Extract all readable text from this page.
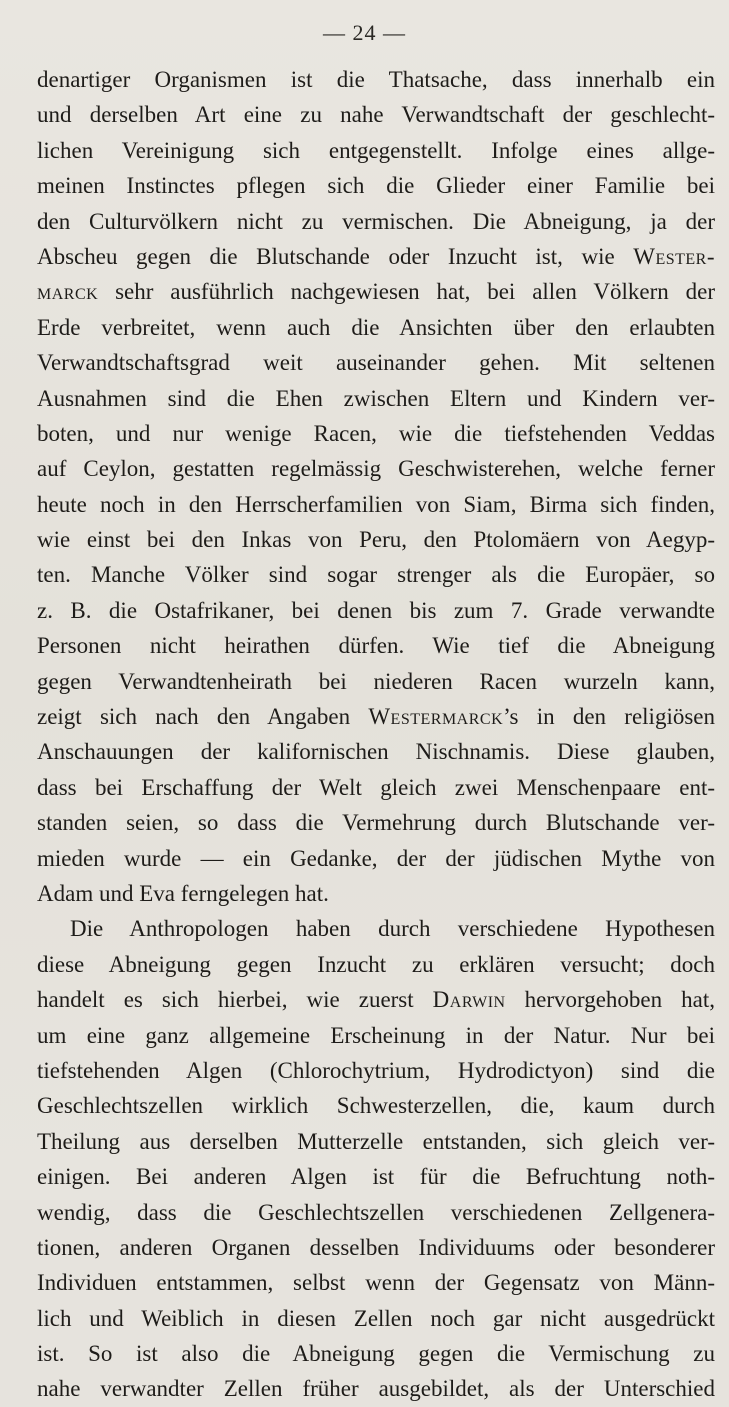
— 24 —
denartiger Organismen ist die Thatsache, dass innerhalb ein
und derselben Art eine zu nahe Verwandtschaft der geschlecht-
lichen Vereinigung sich entgegenstellt. Infolge eines allge-
meinen Instinctes pflegen sich die Glieder einer Familie bei
den Culturvölkern nicht zu vermischen. Die Abneigung, ja der
Abscheu gegen die Blutschande oder Inzucht ist, wie Wester-
marck sehr ausführlich nachgewiesen hat, bei allen Völkern der
Erde verbreitet, wenn auch die Ansichten über den erlaubten
Verwandtschaftsgrad weit auseinander gehen. Mit seltenen
Ausnahmen sind die Ehen zwischen Eltern und Kindern ver-
boten, und nur wenige Racen, wie die tiefstehenden Veddas
auf Ceylon, gestatten regelmässig Geschwisterehen, welche ferner
heute noch in den Herrscherfamilien von Siam, Birma sich finden,
wie einst bei den Inkas von Peru, den Ptolomäern von Aegyp-
ten. Manche Völker sind sogar strenger als die Europäer, so
z. B. die Ostafrikaner, bei denen bis zum 7. Grade verwandte
Personen nicht heirathen dürfen. Wie tief die Abneigung
gegen Verwandtenheirath bei niederen Racen wurzeln kann,
zeigt sich nach den Angaben Westermarck’s in den religiösen
Anschauungen der kalifornischen Nischnamis. Diese glauben,
dass bei Erschaffung der Welt gleich zwei Menschenpaare ent-
standen seien, so dass die Vermehrung durch Blutschande ver-
mieden wurde — ein Gedanke, der der jüdischen Mythe von
Adam und Eva ferngelegen hat.
Die Anthropologen haben durch verschiedene Hypothesen
diese Abneigung gegen Inzucht zu erklären versucht; doch
handelt es sich hierbei, wie zuerst Darwin hervorgehoben hat,
um eine ganz allgemeine Erscheinung in der Natur. Nur bei
tiefstehenden Algen (Chlorochytrium, Hydrodictyon) sind die
Geschlechtszellen wirklich Schwesterzellen, die, kaum durch
Theilung aus derselben Mutterzelle entstanden, sich gleich ver-
einigen. Bei anderen Algen ist für die Befruchtung noth-
wendig, dass die Geschlechtszellen verschiedenen Zellgenera-
tionen, anderen Organen desselben Individuums oder besonderer
Individuen entstammen, selbst wenn der Gegensatz von Männ-
lich und Weiblich in diesen Zellen noch gar nicht ausgedrückt
ist. So ist also die Abneigung gegen die Vermischung zu
nahe verwandter Zellen früher ausgebildet, als der Unterschied
